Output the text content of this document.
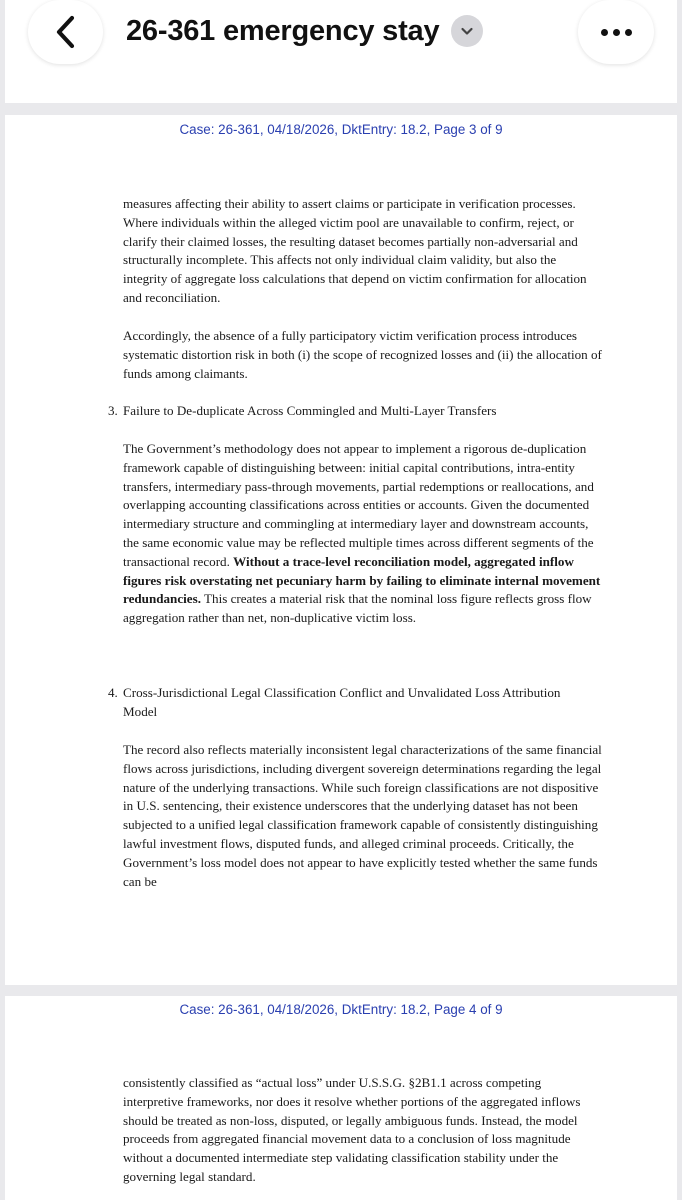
Case: 26-361, 04/18/2026, DktEntry: 18.2, Page 3 of 9

measures affecting their ability to assert claims or participate in verification processes. Where individuals within the alleged victim pool are unavailable to confirm, reject, or clarify their claimed losses, the resulting dataset becomes partially non-adversarial and structurally incomplete. This affects not only individual claim validity, but also the integrity of aggregate loss calculations that depend on victim confirmation for allocation and reconciliation.

Accordingly, the absence of a fully participatory victim verification process introduces systematic distortion risk in both (i) the scope of recognized losses and (ii) the allocation of funds among claimants.

3. Failure to De-duplicate Across Commingled and Multi-Layer Transfers

The Government’s methodology does not appear to implement a rigorous de-duplication framework capable of distinguishing between: initial capital contributions, intra-entity transfers, intermediary pass-through movements, partial redemptions or reallocations, and overlapping accounting classifications across entities or accounts. Given the documented intermediary structure and commingling at intermediary layer and downstream accounts, the same economic value may be reflected multiple times across different segments of the transactional record. Without a trace-level reconciliation model, aggregated inflow figures risk overstating net pecuniary harm by failing to eliminate internal movement redundancies. This creates a material risk that the nominal loss figure reflects gross flow aggregation rather than net, non-duplicative victim loss.

4. Cross-Jurisdictional Legal Classification Conflict and Unvalidated Loss Attribution Model

The record also reflects materially inconsistent legal characterizations of the same financial flows across jurisdictions, including divergent sovereign determinations regarding the legal nature of the underlying transactions. While such foreign classifications are not dispositive in U.S. sentencing, their existence underscores that the underlying dataset has not been subjected to a unified legal classification framework capable of consistently distinguishing lawful investment flows, disputed funds, and alleged criminal proceeds. Critically, the Government’s loss model does not appear to have explicitly tested whether the same funds can be

Case: 26-361, 04/18/2026, DktEntry: 18.2, Page 4 of 9

consistently classified as “actual loss” under U.S.S.G. §2B1.1 across competing interpretive frameworks, nor does it resolve whether portions of the aggregated inflows should be treated as non-loss, disputed, or legally ambiguous funds. Instead, the model proceeds from aggregated financial movement data to a conclusion of loss magnitude without a documented intermediate step validating classification stability under the governing legal standard.

26-361 emergency stay
